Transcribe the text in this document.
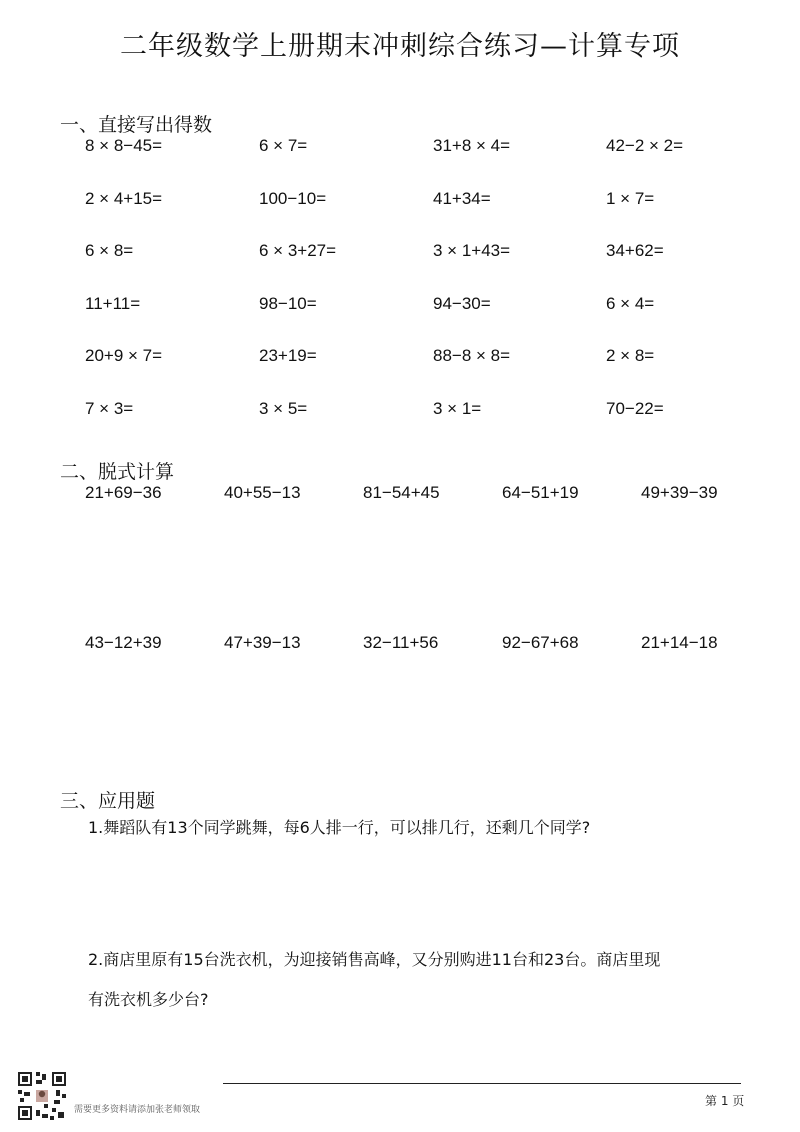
二年级数学上册期末冲刺综合练习—计算专项
一、直接写出得数
8 × 8−45=	6 × 7=	31+8 × 4=	42−2 × 2=
2 × 4+15=	100−10=	41+34=	1 × 7=
6 × 8=	6 × 3+27=	3 × 1+43=	34+62=
11+11=	98−10=	94−30=	6 × 4=
20+9 × 7=	23+19=	88−8 × 8=	2 × 8=
7 × 3=	3 × 5=	3 × 1=	70−22=
二、脱式计算
21+69−36	40+55−13	81−54+45	64−51+19	49+39−39
43−12+39	47+39−13	32−11+56	92−67+68	21+14−18
三、应用题
1.舞蹈队有13个同学跳舞，每6人排一行，可以排几行，还剩几个同学?
2.商店里原有15台洗衣机，为迎接销售高峰，又分别购进11台和23台。商店里现
有洗衣机多少台?
需要更多资料请添加张老师领取
第 1 页
